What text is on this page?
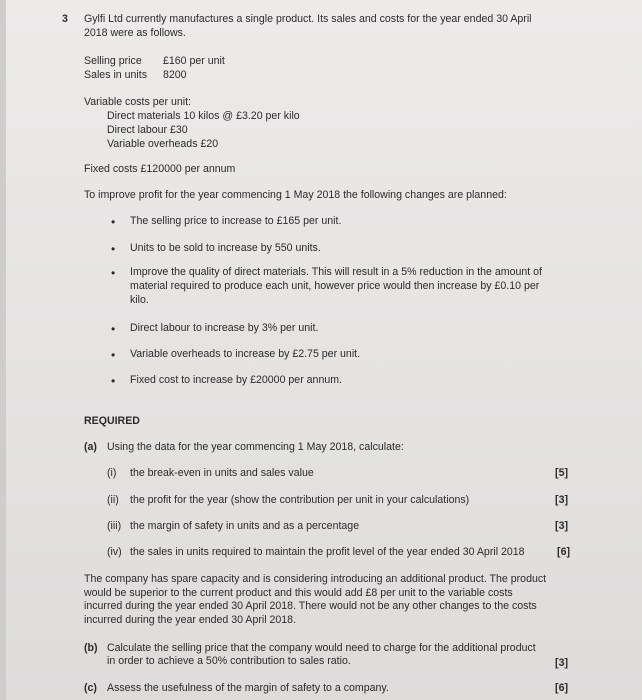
3 Gylfi Ltd currently manufactures a single product. Its sales and costs for the year ended 30 April
2018 were as follows.
Selling price £160 per unit
Sales in units 8200
Variable costs per unit:
Direct materials 10 kilos @ £3.20 per kilo
Direct labour £30
Variable overheads £20
Fixed costs £120000 per annum
To improve profit for the year commencing 1 May 2018 the following changes are planned:
• The selling price to increase to £165 per unit.
• Units to be sold to increase by 550 units.
• Improve the quality of direct materials. This will result in a 5% reduction in the amount of
material required to produce each unit, however price would then increase by £0.10 per
kilo.
• Direct labour to increase by 3% per unit.
• Variable overheads to increase by £2.75 per unit.
• Fixed cost to increase by £20000 per annum.
REQUIRED
(a) Using the data for the year commencing 1 May 2018, calculate:
(i) the break-even in units and sales value	[5]
(ii) the profit for the year (show the contribution per unit in your calculations)	[3]
(iii) the margin of safety in units and as a percentage	[3]
(iv) the sales in units required to maintain the profit level of the year ended 30 April 2018	[6]
The company has spare capacity and is considering introducing an additional product. The product
would be superior to the current product and this would add £8 per unit to the variable costs
incurred during the year ended 30 April 2018. There would not be any other changes to the costs
incurred during the year ended 30 April 2018.
(b) Calculate the selling price that the company would need to charge for the additional product
in order to achieve a 50% contribution to sales ratio.	[3]
(c) Assess the usefulness of the margin of safety to a company.	[6]
